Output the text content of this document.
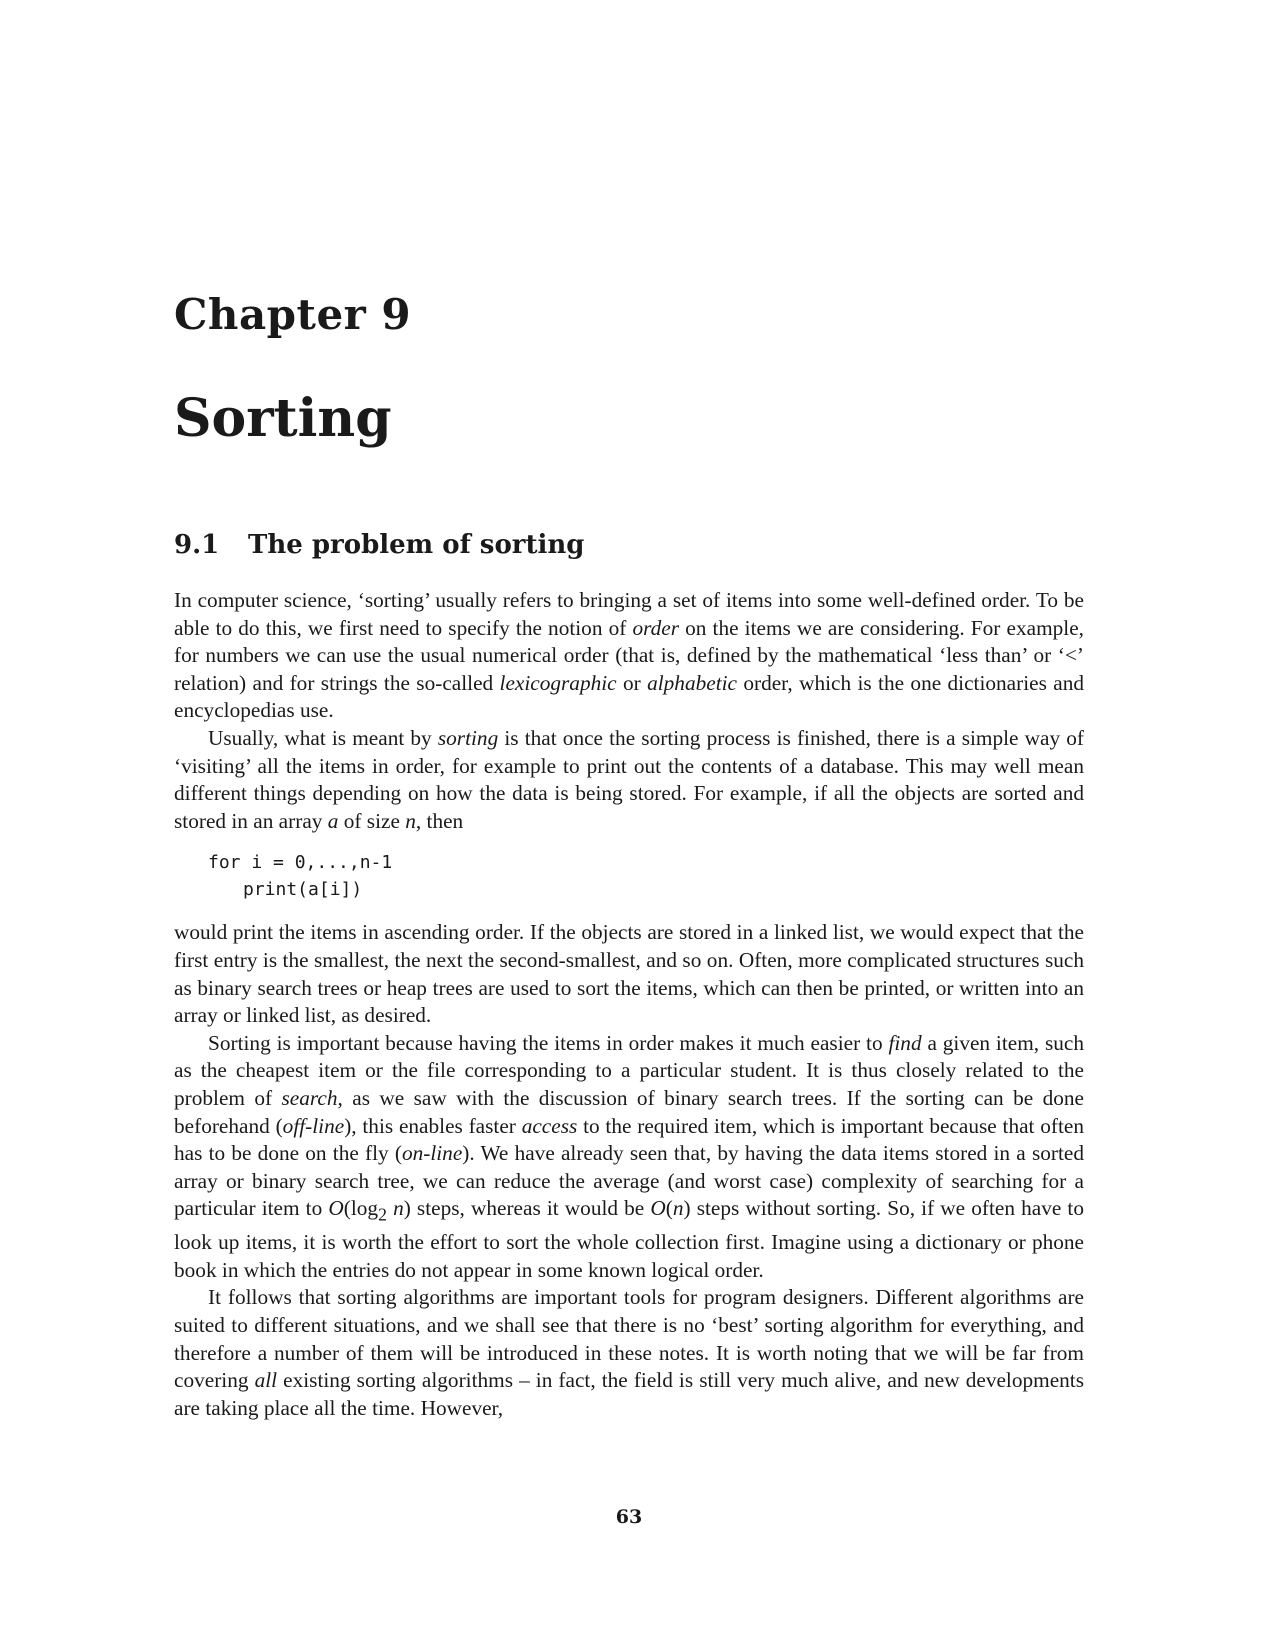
Chapter 9
Sorting
9.1 The problem of sorting

In computer science, ‘sorting’ usually refers to bringing a set of items into some well-defined order. To be able to do this, we first need to specify the notion of order on the items we are considering. For example, for numbers we can use the usual numerical order (that is, defined by the mathematical ‘less than’ or ‘<’ relation) and for strings the so-called lexicographic or alphabetic order, which is the one dictionaries and encyclopedias use.

Usually, what is meant by sorting is that once the sorting process is finished, there is a simple way of ‘visiting’ all the items in order, for example to print out the contents of a database. This may well mean different things depending on how the data is being stored. For example, if all the objects are sorted and stored in an array a of size n, then

for i = 0,...,n-1
print(a[i])

would print the items in ascending order. If the objects are stored in a linked list, we would expect that the first entry is the smallest, the next the second-smallest, and so on. Often, more complicated structures such as binary search trees or heap trees are used to sort the items, which can then be printed, or written into an array or linked list, as desired.

Sorting is important because having the items in order makes it much easier to find a given item, such as the cheapest item or the file corresponding to a particular student. It is thus closely related to the problem of search, as we saw with the discussion of binary search trees. If the sorting can be done beforehand (off-line), this enables faster access to the required item, which is important because that often has to be done on the fly (on-line). We have already seen that, by having the data items stored in a sorted array or binary search tree, we can reduce the average (and worst case) complexity of searching for a particular item to $O(\log_2$ n) steps, whereas it would be O(n) steps without sorting. So, if we often have to look up items, it is worth the effort to sort the whole collection first. Imagine using a dictionary or phone book in which the entries do not appear in some known logical order.

It follows that sorting algorithms are important tools for program designers. Different algorithms are suited to different situations, and we shall see that there is no ‘best’ sorting algorithm for everything, and therefore a number of them will be introduced in these notes. It is worth noting that we will be far from covering all existing sorting algorithms – in fact, the field is still very much alive, and new developments are taking place all the time. However,

63
